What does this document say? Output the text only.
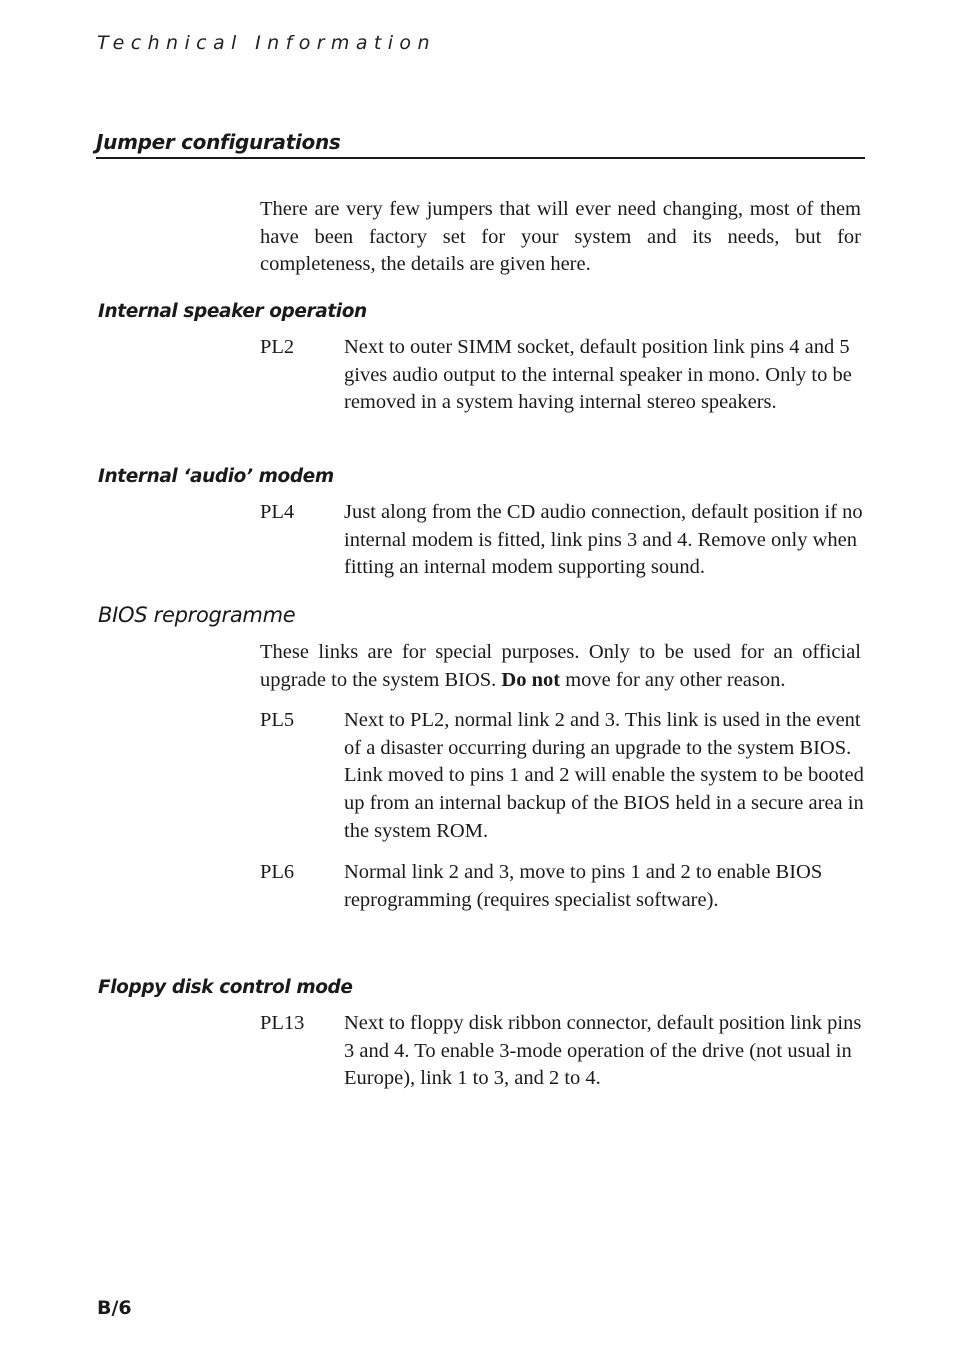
Technical Information
Jumper configurations

There are very few jumpers that will ever need changing, most of them have been factory set for your system and its needs, but for completeness, the details are given here.

Internal speaker operation
PL2	Next to outer SIMM socket, default position link pins 4 and 5 gives audio output to the internal speaker in mono. Only to be removed in a system having internal stereo speakers.
Internal ‘audio’ modem
PL4	Just along from the CD audio connection, default position if no internal modem is fitted, link pins 3 and 4. Remove only when fitting an internal modem supporting sound.
BIOS reprogramme

These links are for special purposes. Only to be used for an official upgrade to the system BIOS. Do not move for any other reason.

PL5	Next to PL2, normal link 2 and 3. This link is used in the event of a disaster occurring during an upgrade to the system BIOS. Link moved to pins 1 and 2 will enable the system to be booted up from an internal backup of the BIOS held in a secure area in the system ROM.
PL6	Normal link 2 and 3, move to pins 1 and 2 to enable BIOS reprogramming (requires specialist software).
Floppy disk control mode
PL13	Next to floppy disk ribbon connector, default position link pins 3 and 4. To enable 3-mode operation of the drive (not usual in Europe), link 1 to 3, and 2 to 4.
B/6
